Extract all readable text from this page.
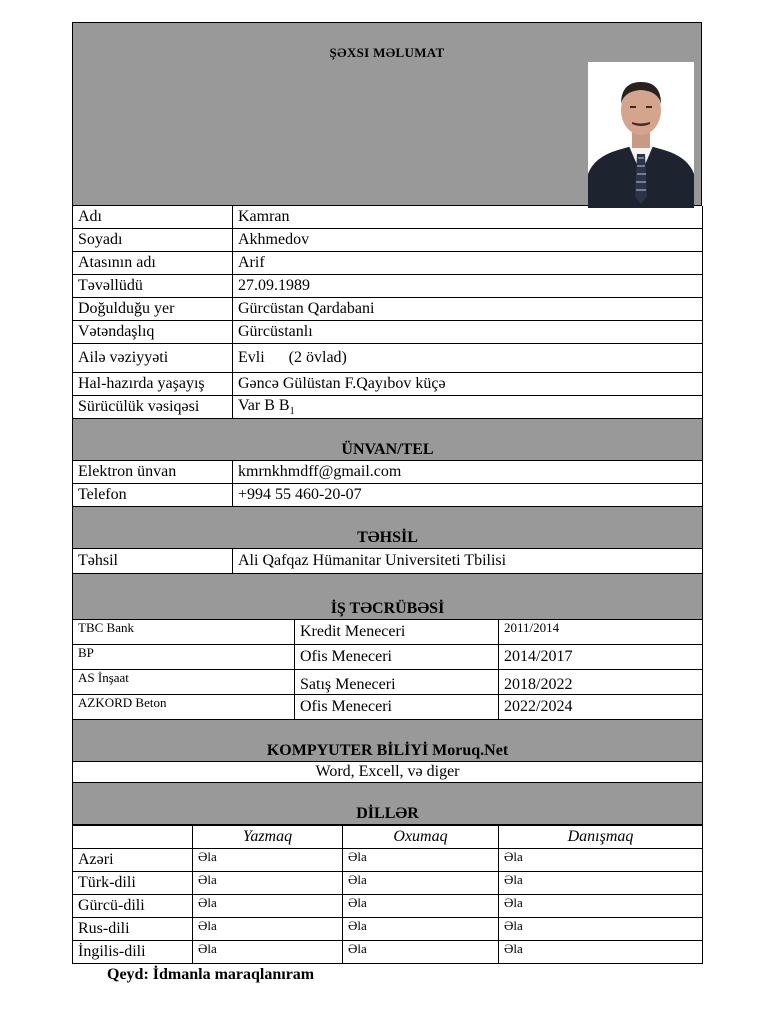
ŞƏXSI MƏLUMAT
Adı	Kamran
Soyadı	Akhmedov
Atasının adı	Arif
Təvəllüdü	27.09.1989
Doğulduğu yer	Gürcüstan Qardabani
Vətəndaşlıq	Gürcüstanlı
Ailə vəziyyəti	Evli      (2 övlad)
Hal-hazırda yaşayış	Gəncə Gülüstan F.Qayıbov küçə
Sürücülük vəsiqəsi	Var B $B_1$
ÜNVAN/TEL	
Elektron ünvan	kmrnkhmdff@gmail.com
Telefon	+994 55 460-20-07
TƏHSİL	
Təhsil	Ali Qafqaz Hümanitar Universiteti Tbilisi
İŞ TƏCRÜBƏSİ	
TBC Bank	Kredit Meneceri	2011/2014
BP	Ofis Meneceri	2014/2017
AS İnşaat	Satış Meneceri	2018/2022
AZKORD Beton	Ofis Meneceri	2022/2024
KOMPYUTER BİLİYİ Moruq.Net		
Word, Excell, və diger		
DİLLƏR		
	Yazmaq	Oxumaq	Danışmaq
Azəri	Əla	Əla	Əla
Türk-dili	Əla	Əla	Əla
Gürcü-dili	Əla	Əla	Əla
Rus-dili	Əla	Əla	Əla
İngilis-dili	Əla	Əla	Əla
Qeyd: İdmanla maraqlanıram
